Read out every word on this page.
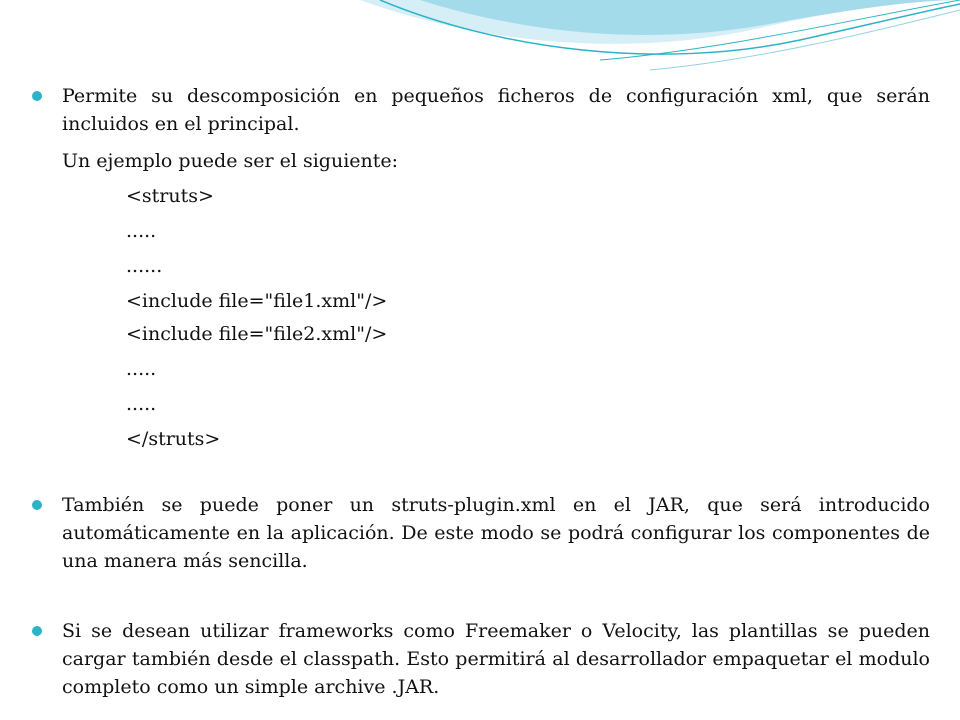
Permite su descomposición en pequeños ficheros de configuración xml, que serán incluidos en el principal.
Un ejemplo puede ser el siguiente:
<struts>
.....
......
<include file="file1.xml"/>
<include file="file2.xml"/>
.....
.....
</struts>
También se puede poner un struts-plugin.xml en el JAR, que será introducido automáticamente en la aplicación. De este modo se podrá configurar los componentes de una manera más sencilla.
Si se desean utilizar frameworks como Freemaker o Velocity, las plantillas se pueden cargar también desde el classpath. Esto permitirá al desarrollador empaquetar el modulo completo como un simple archive .JAR.
